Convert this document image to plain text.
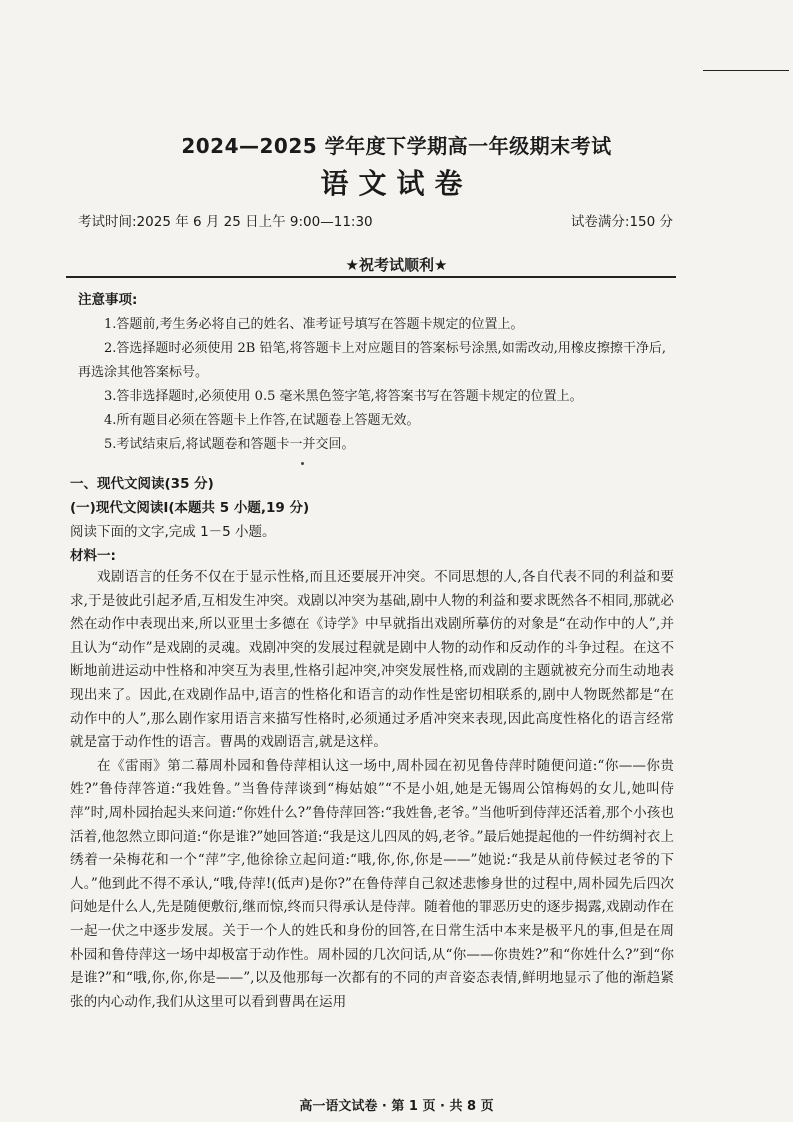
2024—2025 学年度下学期高一年级期末考试
语文试卷
考试时间:2025 年 6 月 25 日上午 9:00—11:30	试卷满分:150 分
★祝考试顺利★
注意事项:

1.答题前,考生务必将自己的姓名、准考证号填写在答题卡规定的位置上。

2.答选择题时必须使用 2B 铅笔,将答题卡上对应题目的答案标号涂黑,如需改动,用橡皮擦擦干净后,再选涂其他答案标号。

3.答非选择题时,必须使用 0.5 毫米黑色签字笔,将答案书写在答题卡规定的位置上。

4.所有题目必须在答题卡上作答,在试题卷上答题无效。

5.考试结束后,将试题卷和答题卡一并交回。

一、现代文阅读(35 分)
(一)现代文阅读Ⅰ(本题共 5 小题,19 分)
阅读下面的文字,完成 1－5 小题。
材料一:

戏剧语言的任务不仅在于显示性格,而且还要展开冲突。不同思想的人,各自代表不同的利益和要求,于是彼此引起矛盾,互相发生冲突。戏剧以冲突为基础,剧中人物的利益和要求既然各不相同,那就必然在动作中表现出来,所以亚里士多德在《诗学》中早就指出戏剧所摹仿的对象是“在动作中的人”,并且认为“动作”是戏剧的灵魂。戏剧冲突的发展过程就是剧中人物的动作和反动作的斗争过程。在这不断地前进运动中性格和冲突互为表里,性格引起冲突,冲突发展性格,而戏剧的主题就被充分而生动地表现出来了。因此,在戏剧作品中,语言的性格化和语言的动作性是密切相联系的,剧中人物既然都是“在动作中的人”,那么剧作家用语言来描写性格时,必须通过矛盾冲突来表现,因此高度性格化的语言经常就是富于动作性的语言。曹禺的戏剧语言,就是这样。

在《雷雨》第二幕周朴园和鲁侍萍相认这一场中,周朴园在初见鲁侍萍时随便问道:“你——你贵姓?”鲁侍萍答道:“我姓鲁。”当鲁侍萍谈到“梅姑娘”“不是小姐,她是无锡周公馆梅妈的女儿,她叫侍萍”时,周朴园抬起头来问道:“你姓什么?”鲁侍萍回答:“我姓鲁,老爷。”当他听到侍萍还活着,那个小孩也活着,他忽然立即问道:“你是谁?”她回答道:“我是这儿四凤的妈,老爷。”最后她提起他的一件纺绸衬衣上绣着一朵梅花和一个“萍”字,他徐徐立起问道:“哦,你,你,你是——”她说:“我是从前侍候过老爷的下人。”他到此不得不承认,“哦,侍萍!(低声)是你?”在鲁侍萍自己叙述悲惨身世的过程中,周朴园先后四次问她是什么人,先是随便敷衍,继而惊,终而只得承认是侍萍。随着他的罪恶历史的逐步揭露,戏剧动作在一起一伏之中逐步发展。关于一个人的姓氏和身份的回答,在日常生活中本来是极平凡的事,但是在周朴园和鲁侍萍这一场中却极富于动作性。周朴园的几次问话,从“你——你贵姓?”和“你姓什么?”到“你是谁?”和“哦,你,你,你是——”,以及他那每一次都有的不同的声音姿态表情,鲜明地显示了他的渐趋紧张的内心动作,我们从这里可以看到曹禺在运用

高一语文试卷 · 第 1 页 · 共 8 页
